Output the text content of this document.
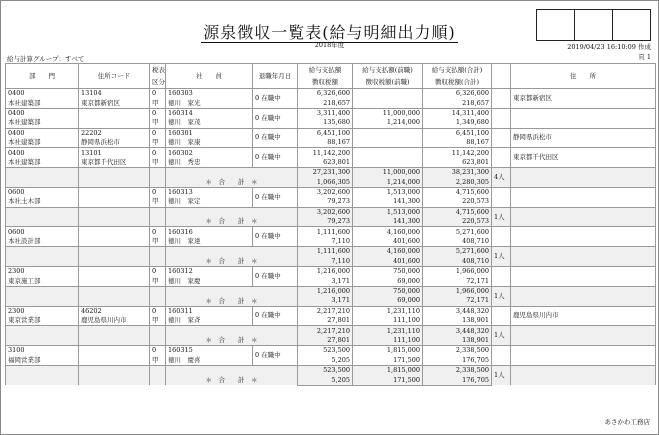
源泉徴収一覧表(給与明細出力順)
2018年度	2019/04/23 16:10:09 作成
頁 1
給与計算グループ：すべて
部　　門	住所コード	税表	社　　員	退職年月日	給与支払額	給与支払額(前職)	給与支払額(合計)		住　　所
		区分			徴収税額	徴収税額(前職)	徴収税額(合計)		
0400	13104	0	160303	0 在職中	6,326,600		6,326,600		東京都新宿区
本社建築部	東京都新宿区	甲	徳川　家光		218,657		218,657		
0400		0	160314	0 在職中	3,311,400	11,000,000	14,311,400		
本社建築部		甲	徳川　家茂		135,680	1,214,000	1,349,680		
0400	22202	0	160301	0 在職中	6,451,100		6,451,100		静岡県浜松市
本社建築部	静岡県浜松市	甲	徳川　家康		88,167		88,167		
0400	13101	0	160302	0 在職中	11,142,200		11,142,200		東京都千代田区
本社建築部	東京都千代田区	甲	徳川　秀忠		623,801		623,801		
			＊　合　　計　＊		27,231,300	11,000,000	38,231,300	4人	
					1,066,305	1,214,000	2,280,305		
0600		0	160313	0 在職中	3,202,600	1,513,000	4,715,600		
本社土木部		甲	徳川　家定		79,273	141,300	220,573		
			＊　合　　計　＊		3,202,600	1,513,000	4,715,600	1人	
					79,273	141,300	220,573		
0600		0	160316	0 在職中	1,111,600	4,160,000	5,271,600		
本社設計部		甲	徳川　家達		7,110	401,600	408,710		
			＊　合　　計　＊		1,111,600	4,160,000	5,271,600	1人	
					7,110	401,600	408,710		
2300		0	160312	0 在職中	1,216,000	750,000	1,966,000		
東京施工部		甲	徳川　家慶		3,171	69,000	72,171		
			＊　合　　計　＊		1,216,000	750,000	1,966,000	1人	
					3,171	69,000	72,171		
2300	46202	0	160311	0 在職中	2,217,210	1,231,110	3,448,320		鹿児島県川内市
東京営業部	鹿児島県川内市	甲	徳川　家斉		27,801	111,100	138,901		
			＊　合　　計　＊		2,217,210	1,231,110	3,448,320	1人	
					27,801	111,100	138,901		
3100		0	160315	0 在職中	523,500	1,815,000	2,338,500		
福岡営業部		甲	徳川　慶喜		5,205	171,500	176,705		
			＊　合　　計　＊		523,500	1,815,000	2,338,500	1人	
					5,205	171,500	176,705		
あさかわ工務店
